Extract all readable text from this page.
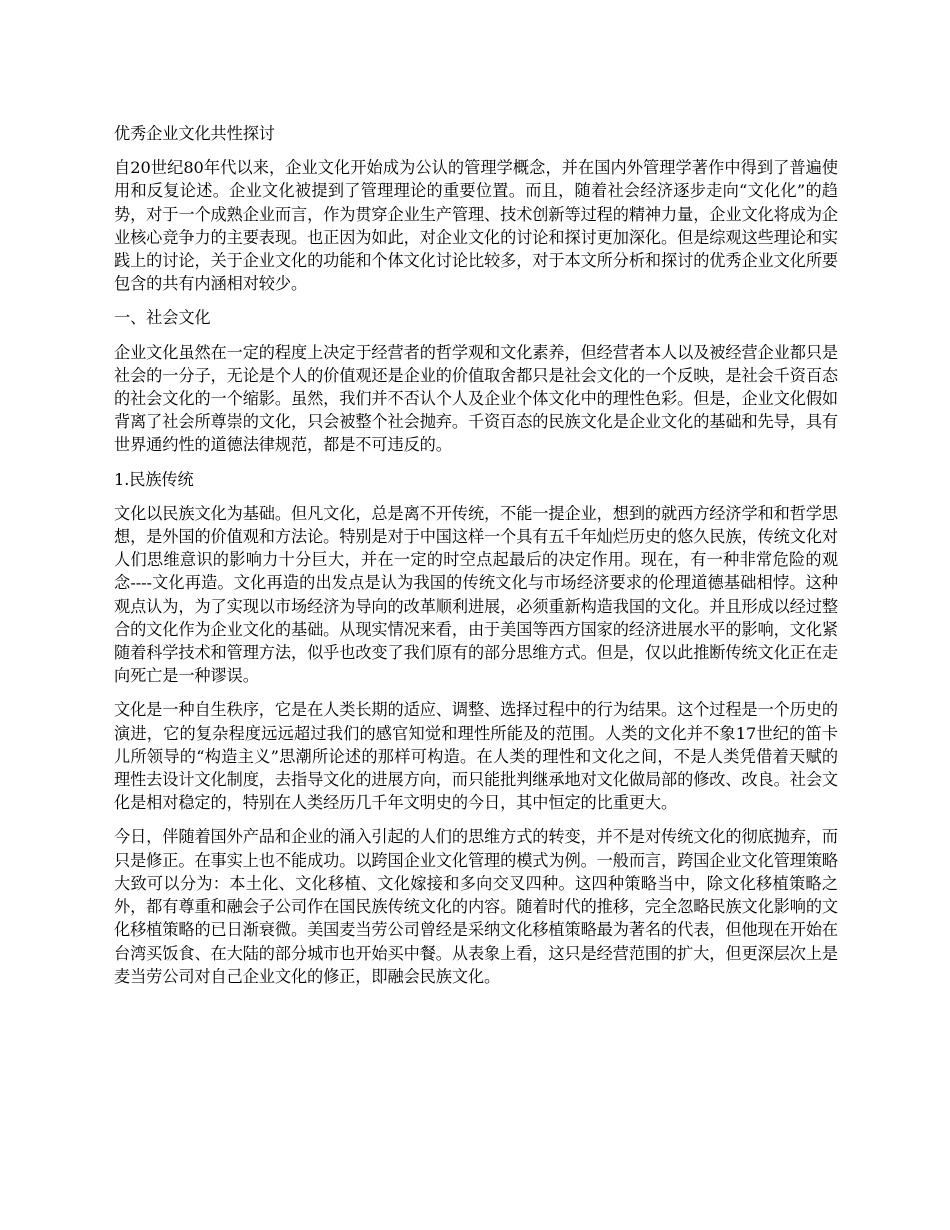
优秀企业文化共性探讨

自20世纪80年代以来，企业文化开始成为公认的管理学概念，并在国内外管理学著作中得到了普遍使用和反复论述。企业文化被提到了管理理论的重要位置。而且，随着社会经济逐步走向“文化化”的趋势，对于一个成熟企业而言，作为贯穿企业生产管理、技术创新等过程的精神力量，企业文化将成为企业核心竞争力的主要表现。也正因为如此，对企业文化的讨论和探讨更加深化。但是综观这些理论和实践上的讨论，关于企业文化的功能和个体文化讨论比较多，对于本文所分析和探讨的优秀企业文化所要包含的共有内涵相对较少。

一、社会文化

企业文化虽然在一定的程度上决定于经营者的哲学观和文化素养，但经营者本人以及被经营企业都只是社会的一分子，无论是个人的价值观还是企业的价值取舍都只是社会文化的一个反映，是社会千资百态的社会文化的一个缩影。虽然，我们并不否认个人及企业个体文化中的理性色彩。但是，企业文化假如背离了社会所尊崇的文化，只会被整个社会抛弃。千资百态的民族文化是企业文化的基础和先导，具有世界通约性的道德法律规范，都是不可违反的。

1.民族传统

文化以民族文化为基础。但凡文化，总是离不开传统，不能一提企业，想到的就西方经济学和和哲学思想，是外国的价值观和方法论。特别是对于中国这样一个具有五千年灿烂历史的悠久民族，传统文化对人们思维意识的影响力十分巨大，并在一定的时空点起最后的决定作用。现在，有一种非常危险的观念----文化再造。文化再造的出发点是认为我国的传统文化与市场经济要求的伦理道德基础相悖。这种观点认为，为了实现以市场经济为导向的改革顺利进展，必须重新构造我国的文化。并且形成以经过整合的文化作为企业文化的基础。从现实情况来看，由于美国等西方国家的经济进展水平的影响，文化紧随着科学技术和管理方法，似乎也改变了我们原有的部分思维方式。但是，仅以此推断传统文化正在走向死亡是一种谬误。

文化是一种自生秩序，它是在人类长期的适应、调整、选择过程中的行为结果。这个过程是一个历史的演进，它的复杂程度远远超过我们的感官知觉和理性所能及的范围。人类的文化并不象17世纪的笛卡儿所领导的“构造主义”思潮所论述的那样可构造。在人类的理性和文化之间，不是人类凭借着天赋的理性去设计文化制度，去指导文化的进展方向，而只能批判继承地对文化做局部的修改、改良。社会文化是相对稳定的，特别在人类经历几千年文明史的今日，其中恒定的比重更大。

今日，伴随着国外产品和企业的涌入引起的人们的思维方式的转变，并不是对传统文化的彻底抛弃，而只是修正。在事实上也不能成功。以跨国企业文化管理的模式为例。一般而言，跨国企业文化管理策略大致可以分为：本土化、文化移植、文化嫁接和多向交叉四种。这四种策略当中，除文化移植策略之外，都有尊重和融会子公司作在国民族传统文化的内容。随着时代的推移，完全忽略民族文化影响的文化移植策略的已日渐衰微。美国麦当劳公司曾经是采纳文化移植策略最为著名的代表，但他现在开始在台湾买饭食、在大陆的部分城市也开始买中餐。从表象上看，这只是经营范围的扩大，但更深层次上是麦当劳公司对自己企业文化的修正，即融会民族文化。
